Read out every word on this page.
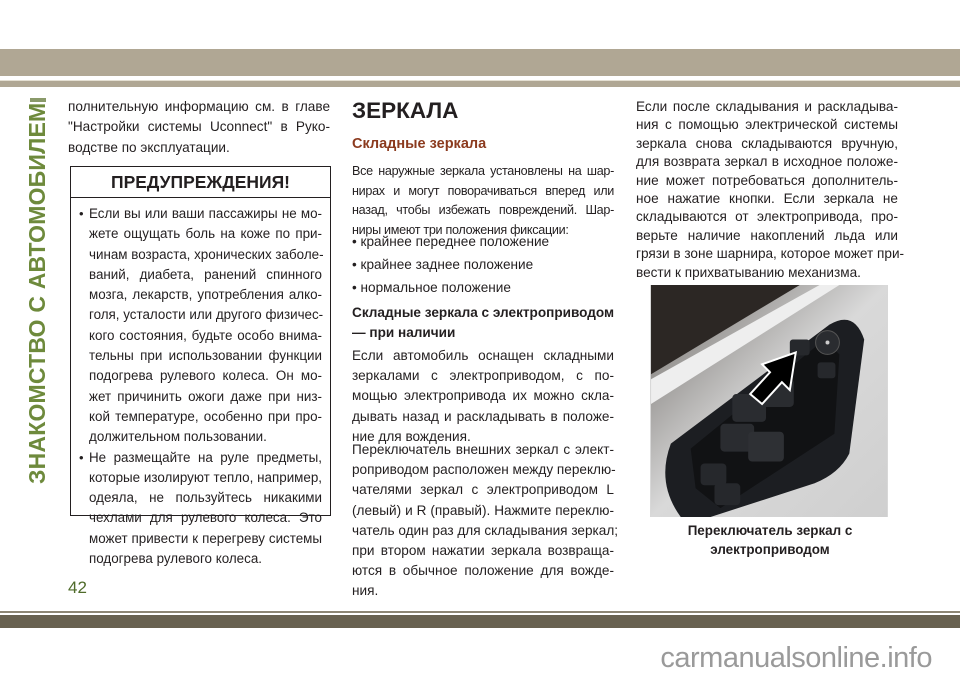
ЗНАКОМСТВО С АВТОМОБИЛЕМ полнительную информацию см. в главе
"Настройки системы Uconnect" в Руко-
водстве по эксплуатации.
ПРЕДУПРЕЖДЕНИЯ!
• Если вы или ваши пассажиры не мо-
жете ощущать боль на коже по при-
чинам возраста, хронических заболе-
ваний, диабета, ранений спинного
мозга, лекарств, употребления алко-
голя, усталости или другого физичес-
кого состояния, будьте особо внима-
тельны при использовании функции
подогрева рулевого колеса. Он мо-
жет причинить ожоги даже при низ-
кой температуре, особенно при про-
должительном пользовании.
• Не размещайте на руле предметы,
которые изолируют тепло, например,
одеяла, не пользуйтесь никакими
чехлами для рулевого колеса. Это
может привести к перегреву системы
подогрева рулевого колеса.
ЗЕРКАЛА
Складные зеркала
Все наружные зеркала установлены на шар-
нирах и могут поворачиваться вперед или
назад, чтобы избежать повреждений. Шар-
ниры имеют три положения фиксации:
• крайнее переднее положение
• крайнее заднее положение
• нормальное положение
Складные зеркала с электроприводом
— при наличии
Если автомобиль оснащен складными
зеркалами с электроприводом, с по-
мощью электропривода их можно скла-
дывать назад и раскладывать в положе-
ние для вождения.
Переключатель внешних зеркал с элект-
роприводом расположен между переклю-
чателями зеркал с электроприводом L
(левый) и R (правый). Нажмите переклю-
чатель один раз для складывания зеркал;
при втором нажатии зеркала возвраща-
ются в обычное положение для вожде-
ния.
Если после складывания и раскладыва-
ния с помощью электрической системы
зеркала снова складываются вручную,
для возврата зеркал в исходное положе-
ние может потребоваться дополнитель-
ное нажатие кнопки. Если зеркала не
складываются от электропривода, про-
верьте наличие накоплений льда или
грязи в зоне шарнира, которое может при-
вести к прихватыванию механизма.
Переключатель зеркал с
электроприводом
42
carmanualsonline.info
